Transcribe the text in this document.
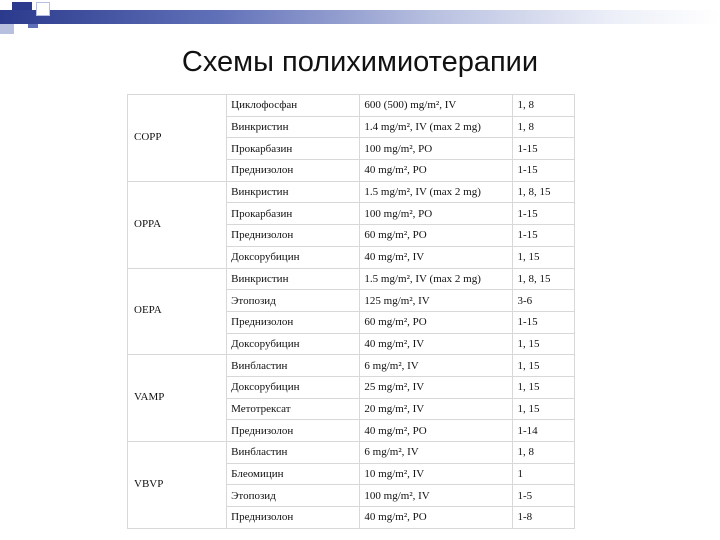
Схемы полихимиотерапии
COPP	Циклофосфан	600 (500) mg/m², IV	1, 8
	Винкристин	1.4 mg/m², IV (max 2 mg)	1, 8
	Прокарбазин	100 mg/m², PO	1-15
	Преднизолон	40 mg/m², PO	1-15

OPPA	Винкристин	1.5 mg/m², IV (max 2 mg)	1, 8, 15
	Прокарбазин	100 mg/m², PO	1-15
	Преднизолон	60 mg/m², PO	1-15
	Доксорубицин	40 mg/m², IV	1, 15

OEPA	Винкристин	1.5 mg/m², IV (max 2 mg)	1, 8, 15
	Этопозид	125 mg/m², IV	3-6
	Преднизолон	60 mg/m², PO	1-15
	Доксорубицин	40 mg/m², IV	1, 15

VAMP	Винбластин	6 mg/m², IV	1, 15
	Доксорубицин	25 mg/m², IV	1, 15
	Метотрексат	20 mg/m², IV	1, 15
	Преднизолон	40 mg/m², PO	1-14

VBVP	Винбластин	6 mg/m², IV	1, 8
	Блеомицин	10 mg/m², IV	1
	Этопозид	100 mg/m², IV	1-5
	Преднизолон	40 mg/m², PO	1-8
